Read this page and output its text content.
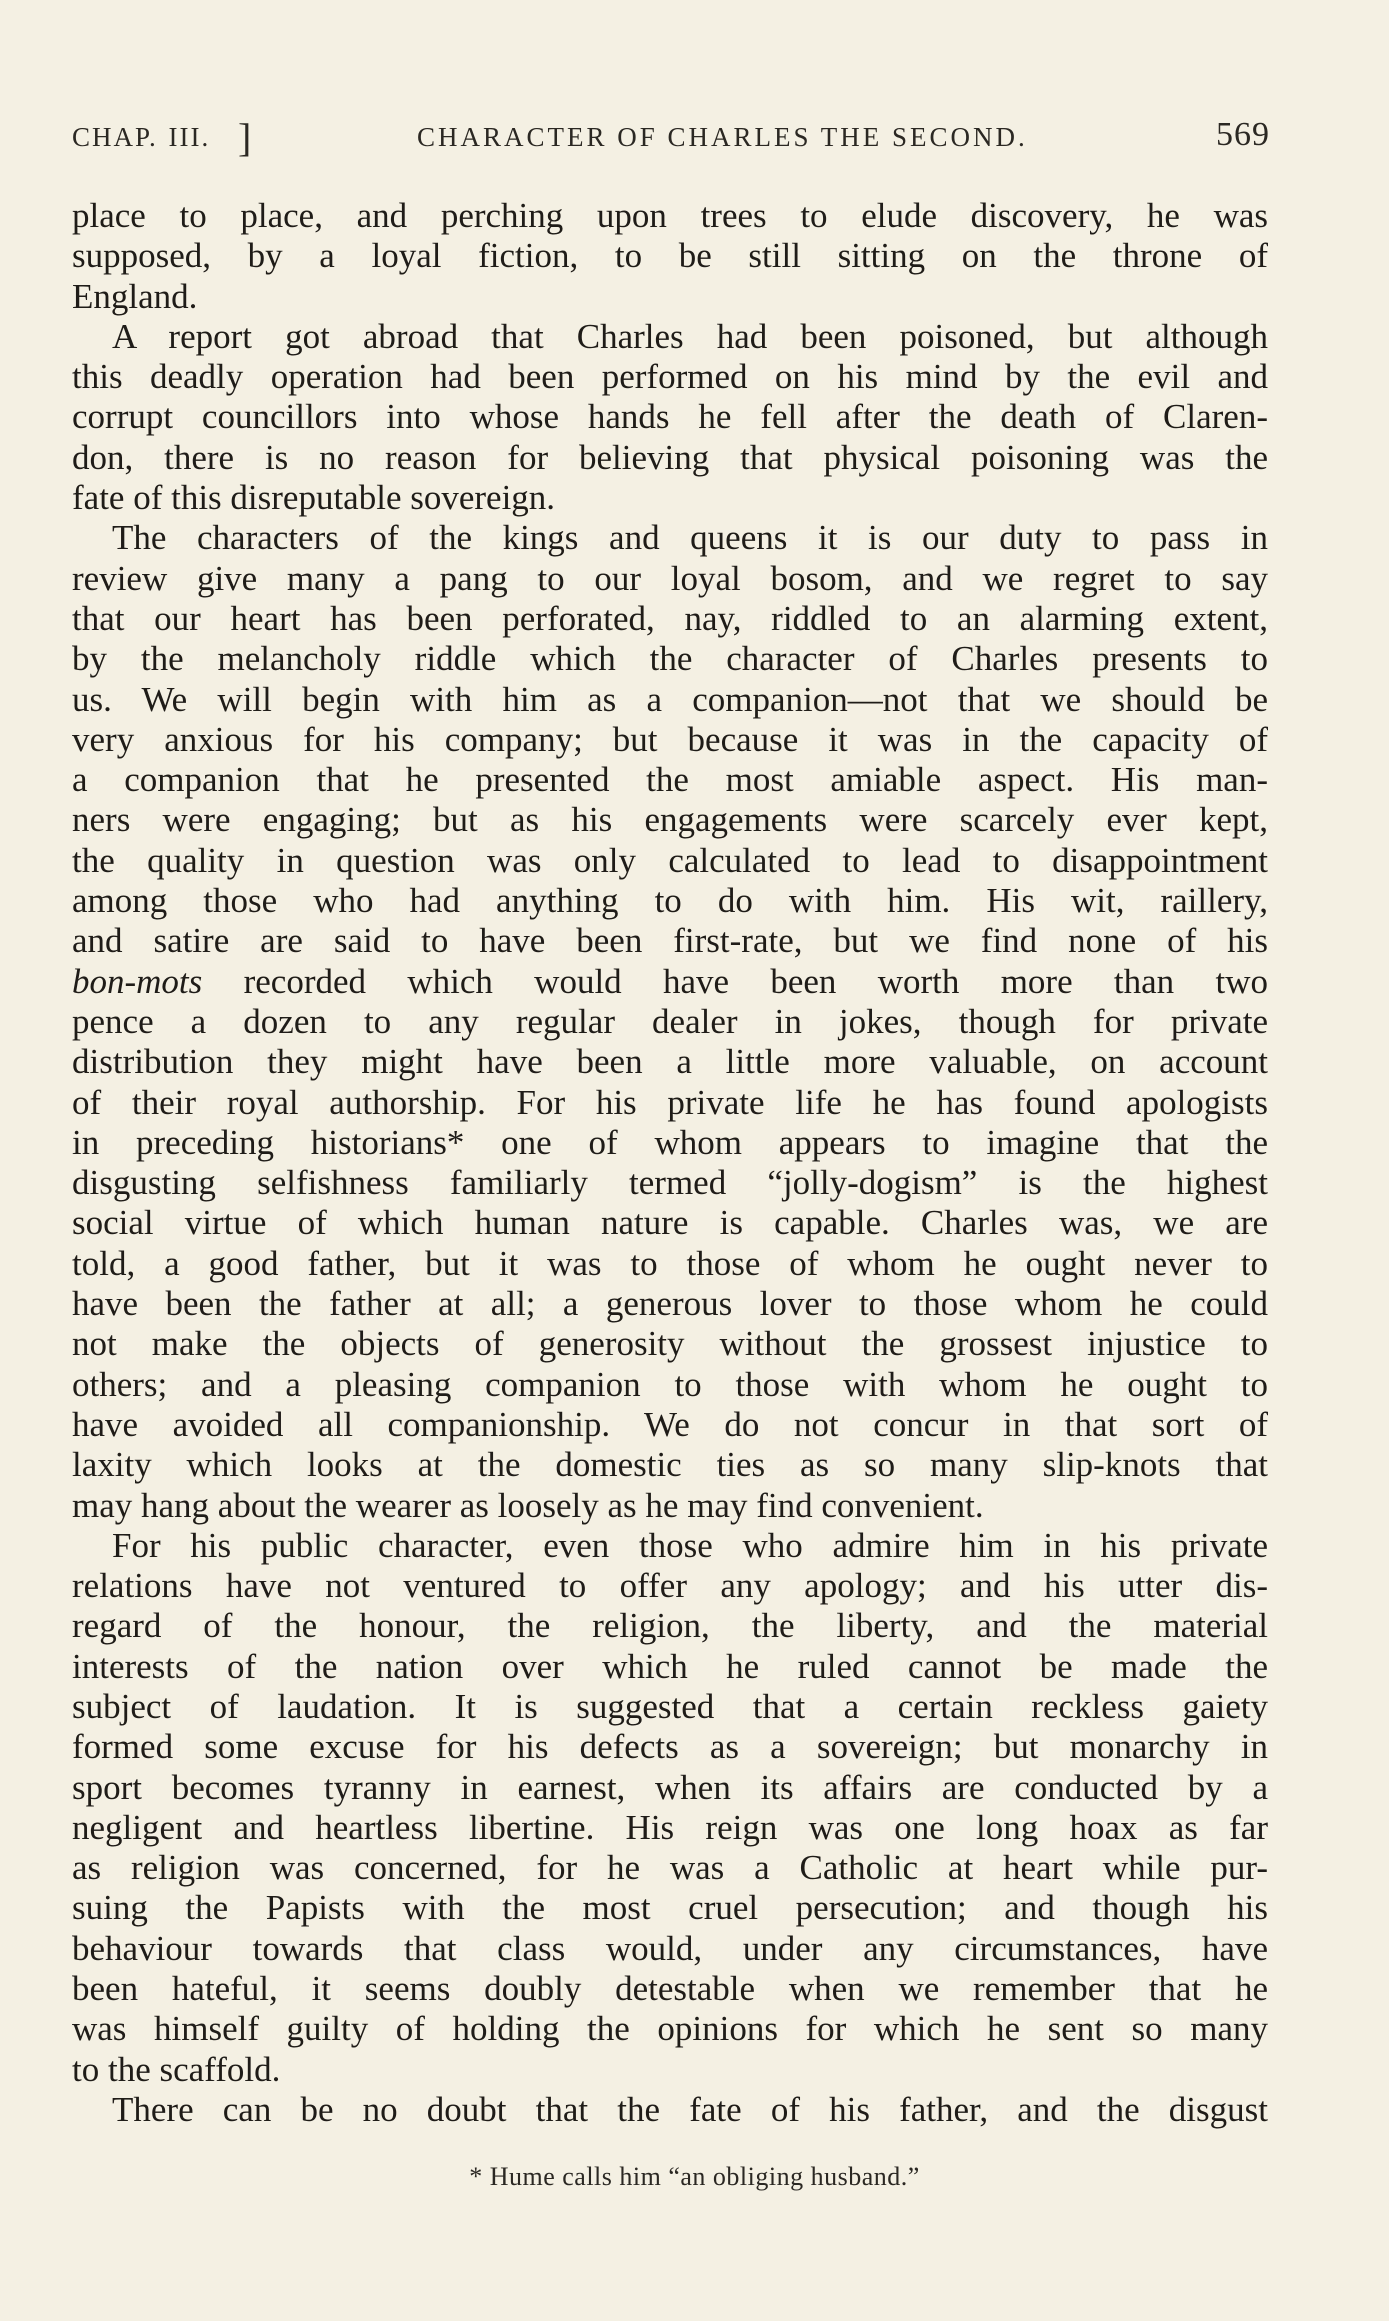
CHAP. III. ]	CHARACTER OF CHARLES THE SECOND.	569
place to place, and perching upon trees to elude discovery, he was
supposed, by a loyal fiction, to be still sitting on the throne of
England.
A report got abroad that Charles had been poisoned, but although
this deadly operation had been performed on his mind by the evil and
corrupt councillors into whose hands he fell after the death of Claren-
don, there is no reason for believing that physical poisoning was the
fate of this disreputable sovereign.
The characters of the kings and queens it is our duty to pass in
review give many a pang to our loyal bosom, and we regret to say
that our heart has been perforated, nay, riddled to an alarming extent,
by the melancholy riddle which the character of Charles presents to
us. We will begin with him as a companion—not that we should be
very anxious for his company; but because it was in the capacity of
a companion that he presented the most amiable aspect. His man-
ners were engaging; but as his engagements were scarcely ever kept,
the quality in question was only calculated to lead to disappointment
among those who had anything to do with him. His wit, raillery,
and satire are said to have been first-rate, but we find none of his
bon-mots recorded which would have been worth more than two
pence a dozen to any regular dealer in jokes, though for private
distribution they might have been a little more valuable, on account
of their royal authorship. For his private life he has found apologists
in preceding historians* one of whom appears to imagine that the
disgusting selfishness familiarly termed “jolly-dogism” is the highest
social virtue of which human nature is capable. Charles was, we are
told, a good father, but it was to those of whom he ought never to
have been the father at all; a generous lover to those whom he could
not make the objects of generosity without the grossest injustice to
others; and a pleasing companion to those with whom he ought to
have avoided all companionship. We do not concur in that sort of
laxity which looks at the domestic ties as so many slip-knots that
may hang about the wearer as loosely as he may find convenient.
For his public character, even those who admire him in his private
relations have not ventured to offer any apology; and his utter dis-
regard of the honour, the religion, the liberty, and the material
interests of the nation over which he ruled cannot be made the
subject of laudation. It is suggested that a certain reckless gaiety
formed some excuse for his defects as a sovereign; but monarchy in
sport becomes tyranny in earnest, when its affairs are conducted by a
negligent and heartless libertine. His reign was one long hoax as far
as religion was concerned, for he was a Catholic at heart while pur-
suing the Papists with the most cruel persecution; and though his
behaviour towards that class would, under any circumstances, have
been hateful, it seems doubly detestable when we remember that he
was himself guilty of holding the opinions for which he sent so many
to the scaffold.
There can be no doubt that the fate of his father, and the disgust
* Hume calls him “an obliging husband.”
